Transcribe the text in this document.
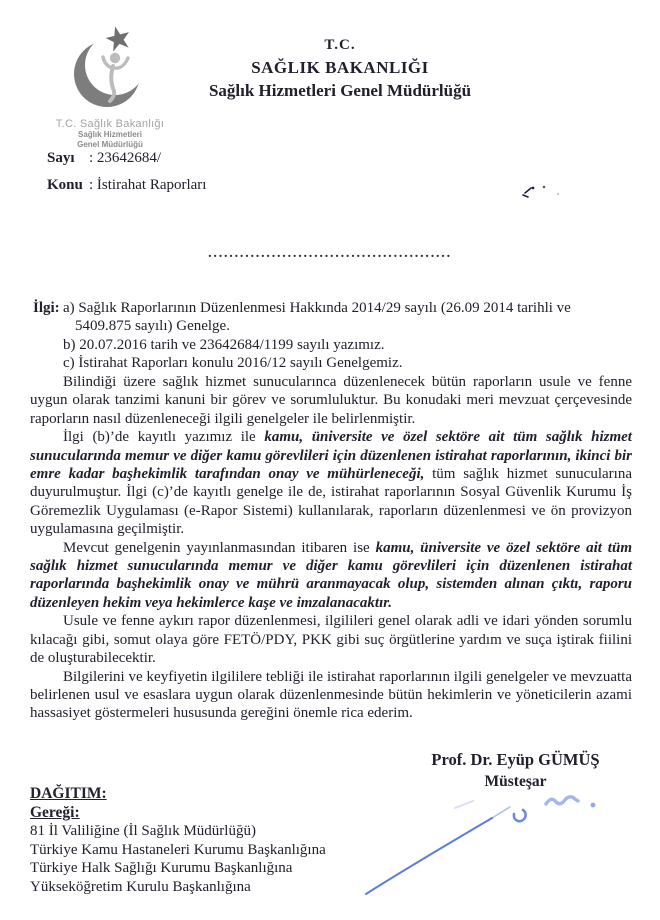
T.C. Sağlık Bakanlığı
Sağlık Hizmetleri
Genel Müdürlüğü
T.C.
SAĞLIK BAKANLIĞI
Sağlık Hizmetleri Genel Müdürlüğü
Sayı : 23642684/
Konu : İstirahat Raporları
..............................................
İlgi: a) Sağlık Raporlarının Düzenlenmesi Hakkında 2014/29 sayılı (26.09 2014 tarihli ve 5409.875 sayılı) Genelge.
b) 20.07.2016 tarih ve 23642684/1199 sayılı yazımız.
c) İstirahat Raporları konulu 2016/12 sayılı Genelgemiz.

Bilindiği üzere sağlık hizmet sunucularınca düzenlenecek bütün raporların usule ve fenne uygun olarak tanzimi kanuni bir görev ve sorumluluktur. Bu konudaki meri mevzuat çerçevesinde raporların nasıl düzenleneceği ilgili genelgeler ile belirlenmiştir.

İlgi (b)’de kayıtlı yazımız ile kamu, üniversite ve özel sektöre ait tüm sağlık hizmet sunucularında memur ve diğer kamu görevlileri için düzenlenen istirahat raporlarının, ikinci bir emre kadar başhekimlik tarafından onay ve mühürleneceği, tüm sağlık hizmet sunucularına duyurulmuştur. İlgi (c)’de kayıtlı genelge ile de, istirahat raporlarının Sosyal Güvenlik Kurumu İş Göremezlik Uygulaması (e-Rapor Sistemi) kullanılarak, raporların düzenlenmesi ve ön provizyon uygulamasına geçilmiştir.

Mevcut genelgenin yayınlanmasından itibaren ise kamu, üniversite ve özel sektöre ait tüm sağlık hizmet sunucularında memur ve diğer kamu görevlileri için düzenlenen istirahat raporlarında başhekimlik onay ve mührü aranmayacak olup, sistemden alınan çıktı, raporu düzenleyen hekim veya hekimlerce kaşe ve imzalanacaktır.

Usule ve fenne aykırı rapor düzenlenmesi, ilgilileri genel olarak adli ve idari yönden sorumlu kılacağı gibi, somut olaya göre FETÖ/PDY, PKK gibi suç örgütlerine yardım ve suça iştirak fiilini de oluşturabilecektir.

Bilgilerini ve keyfiyetin ilgililere tebliği ile istirahat raporlarının ilgili genelgeler ve mevzuatta belirlenen usul ve esaslara uygun olarak düzenlenmesinde bütün hekimlerin ve yöneticilerin azami hassasiyet göstermeleri hususunda gereğini önemle rica ederim.

Prof. Dr. Eyüp GÜMÜŞ
Müsteşar
DAĞITIM:
Gereği:
81 İl Valiliğine (İl Sağlık Müdürlüğü)
Türkiye Kamu Hastaneleri Kurumu Başkanlığına
Türkiye Halk Sağlığı Kurumu Başkanlığına
Yükseköğretim Kurulu Başkanlığına
